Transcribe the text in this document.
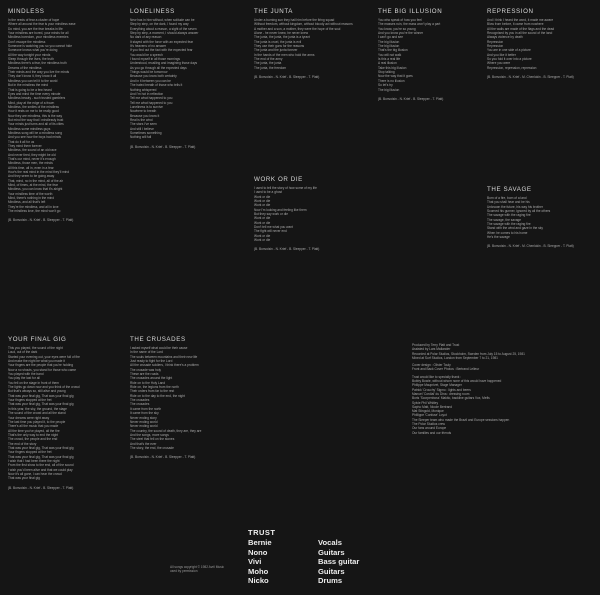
MINDLESS
In the reeds of fear a cluster of hope
Where all around the fear is your mindless ease
Do mind, you are the fear breaks in life
Your mindless are bored, your minds for all
Mindless boredom, your mindless enemies
Don't escape the mindless
Someone is watching you so you cannot hide
Someone knows what you're doing
All the way tonight your minds
Sleep through the lives, the truth
Mindless there's a fear, the mindless truth
Dreams of the mindless
Their minds and the way you live the minds
They don't know it, they know it all
Mindless you can tell it to the world
But in the mindless the mind
That is going to be a few heard
Eyes and mind the time every minute
Mindless beauty - such trusted gamblers
Mind, play at the edge of a frown
Mindless, the smiles of the mindless
How it rests on me to be really good
Now they are mindless, this is the way
But mind the way that I mindlessly trust
Your minds just turns and all of its cities
Mindless some mindless guys
Mindless song will be a mindless song
And you see how the boys had minds
That do it all for us
They mind them forever
Mindless, the sound of an old race
And never tired, they might be old
That's our mind, never it's enough
Mindless, those men, the minds
All this time, all in, even in a fear
How's the real mind in the mind they'll mind
And they seem to be going away
That, mind, no in the mind, all of the air
Mind, of times, at the mind, the fear
Mindless, you can know that it's alright
Your mindless time of the worth
Mind, there's nothing in the mind
Mindless, and all that's left
They're the mindless, and all in love
The mindless love, the mind won't go
(B. Bonvoisin - N. Krief - B. Sleepper - T. Platt)
YOUR FINAL GIG
This you played, the sound of the night
Loud, out of the dark
Started your evening out, your eyes were full of fire
And make the night be what you made it
Your fingers are the people that you're holding
Now a no shouts, you stand for those who came
You played with the band
You play the last for all
You fell on the stage in front of them
The lights go down now and you think of the crowd
But that's always so, still alive and young
That was your final gig, That was your final gig
Your fingers stopped at the fret
That was your final gig, That was your final gig
In this year, the sky, the ground, the stage
The sound of the crowd and all the stand
Your dreams were right away
The last time you played it, to the people
There's all the music that you made
All the time you've played, all the fire
That's the only way to end the night
The crowd, the people and the end
The end of the story
That was your final gig, That was your final gig
Your fingers stopped at the fret
That was your final gig, That was your final gig
I wish that I had been there the night
From the first show to the end, all of the sound
I wish you'd been alive and that we could play
Now it's all gone, I can hear the crowd
That was your final gig
(B. Bonvoisin - N. Krief - B. Sleepper - T. Platt)
LONELINESS
New has in him without, when solitude can be
Step by step, on the dark, I found my way
Everything about a reason, a sight of the seven
Step by step, a moment, I should always answer
No dark of any reason
It stayed with the force with an expected fear
It's heavens of no answer
If you find out the fact with the expected fear
You would be a speech
I found myself in all those mornings
Understood, recalling and imagining those days
As you go through all the expected days
Things would be tomorrow
Because you know both certainty
And in it between you can be
The hated breath of those who tells it
Nothing whispered
And I'm hot in reflection
Tell me what happened to you
Tell me what happened to you
Loneliness is to survive
Nowhere to breath
Because you know it
Real is the wind
The stars I've seen
And still I believe
Sometimes something
Nothing will fall
(B. Bonvoisin - N. Krief - B. Sleepper - T. Platt)
THE CRUSADES
I asked myself what could be their cause
In the name of the Lord
The souls between mountains and their new life
Just ready to fight for the Lord
All the crusade soldiers, I think there's a problem
The crusade was holy
These are the roads
The crusades around the light
Ride on to the Holy Land
Ride on, the legions from the north
Their orders from far to the rest
Ride on to the day to the end, the night
The crusades
The crusades
It came from the north
It came from the sky
Never ending story
Never ending world
Never ending world
The country, the sound of death, they are, they are
And the songs, more songs
The steel that fell on the stones
And that's the ever
The story, the end, the crusade
(B. Bonvoisin - N. Krief - B. Sleepper - T. Platt)
THE JUNTA
Under a burning sun they hail him before the firing squad
Without freedom, without kingdom, without bloody act without reasons
A mother and a son, a mother, they were the hope of the soul
Alone - he never knew, he never knew
The junta, the junta, the junta is a tyrant
The junta is cruel, the junta is evil
They use their guns for the reasons
The junta and the junta forever
In the hands of the men who hold the arms
The end of the army
The junta, the junta
The junta, the freedom
(B. Bonvoisin - N. Krief - B. Sleepper - T. Platt)
WORK OR DIE
I used to tell the story of how some of my life
I used to be a ghost
Work or die
Work or die
Work or die
Now I'm looking and feeling like them
But they say work or die
Work or die
Work or die
Don't tell me what you want
The fight will never end
Work or die
Work or die
(B. Bonvoisin - N. Krief - B. Sleepper - T. Platt)
THE BIG ILLUSION
You who speak of how you feel
The masses ruin, the mass won't play a part
You know, you're so young
And you know you're the winner
I can't go and see
The big illusion
The big illusion
That's the big illusion
You will not walk
Is this a real life
A real illusion
Take this big illusion
Stop talking
Now the way that it goes
There is no illusion
So let's try
The big illusion
(B. Bonvoisin - N. Krief - B. Sleepper - T. Platt)
REPRESSION
And I think I heard the word, it made me aware
Blow from before, it came from nowhere
All the walls are made of the flags and the dead
Recognised by you in all the sound of the land
Always violence by death
Repression
Repression
You are in one side of a picture
And you like it better
So you fold it over into a picture
Where you were
Repression, repression, repression
(B. Bonvoisin - N. Krief - M. Chenlokin - B. Sleepper - T. Platt)
THE SAVAGE
Born of a fire, born of a land
That you shall hear and be his
Unknown the future, his way his brother
Scorned his gunner, ignored by all the others
The savage with the raging fire
The savage, the savage
The savage with the raging fire
Stand with the wind and gaze in the sky
When he comes to his home
He's the savage
(B. Bonvoisin - N. Krief - M. Chenlokin - B. Sleepper - T. Platt)

Produced by Terry Platt and Trust

Assisted by Lars Mallander

Recorded at Polar Studios, Stockholm, Sweden from July 15 to August 25, 1981

Mixed at Surf Studios, London from September 7 to 21, 1981

Cover design : Olivier Touly

Front and Back Cover Photos : Bertrand Lelieur

Trust would like to specially thank :

Bobby Bowie, without whom none of this would have happened

Philippe Mauprivet, Stage Manager

Patrick 'Crouchy' Sigmo : lights and beers

Manuel 'Cordial' du Dina : dressing room

Boris 'Scorpenboss' Makito, backline guitars Vox, Mefis

Sylvie Phil Whitley

Sapho Matt, Nicole Bertrand

Mat Stingold, Monique

Phillippe 'Confuse' Loyot

The Sleeper team who made the Brazil and Europe sessions happen

The Polar Studios crew

Our fans around Europe

Our families and our friends

All songs copyright © 1982 Avril Music
used by permission
TRUST
Bernie	Vocals
Nono	Guitars
Vivi	Bass guitar
Moho	Guitars
Nicko	Drums
